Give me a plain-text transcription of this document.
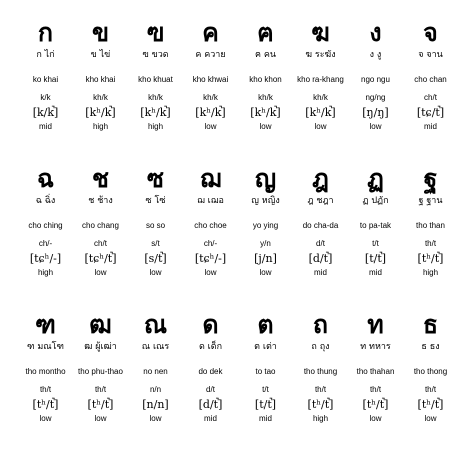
ก
ก ไก่
ko khai
k/k
[k/k̚]
mid
ข
ข ไข่
kho khai
kh/k
[kʰ/k̚]
high
ฃ
ฃ ขวด
kho khuat
kh/k
[kʰ/k̚]
high
ค
ค ควาย
kho khwai
kh/k
[kʰ/k̚]
low
ฅ
ฅ คน
kho khon
kh/k
[kʰ/k̚]
low
ฆ
ฆ ระฆัง
kho ra-khang
kh/k
[kʰ/k̚]
low
ง
ง งู
ngo ngu
ng/ng
[ŋ/ŋ]
low
จ
จ จาน
cho chan
ch/t
[tɕ/t̚]
mid
ฉ
ฉ ฉิ่ง
cho ching
ch/-
[tɕʰ/-]
high
ช
ช ช้าง
cho chang
ch/t
[tɕʰ/t̚]
low
ซ
ซ โซ่
so so
s/t
[s/t̚]
low
ฌ
ฌ เฌอ
cho choe
ch/-
[tɕʰ/-]
low
ญ
ญ หญิง
yo ying
y/n
[j/n]
low
ฎ
ฎ ชฎา
do cha-da
d/t
[d/t̚]
mid
ฏ
ฏ ปฏัก
to pa-tak
t/t
[t/t̚]
mid
ฐ
ฐ ฐาน
tho than
th/t
[tʰ/t̚]
high
ฑ
ฑ มณโฑ
tho montho
th/t
[tʰ/t̚]
low
ฒ
ฒ ผู้เฒ่า
tho phu-thao
th/t
[tʰ/t̚]
low
ณ
ณ เณร
no nen
n/n
[n/n]
low
ด
ด เด็ก
do dek
d/t
[d/t̚]
mid
ต
ต เต่า
to tao
t/t
[t/t̚]
mid
ถ
ถ ถุง
tho thung
th/t
[tʰ/t̚]
high
ท
ท ทหาร
tho thahan
th/t
[tʰ/t̚]
low
ธ
ธ ธง
tho thong
th/t
[tʰ/t̚]
low
